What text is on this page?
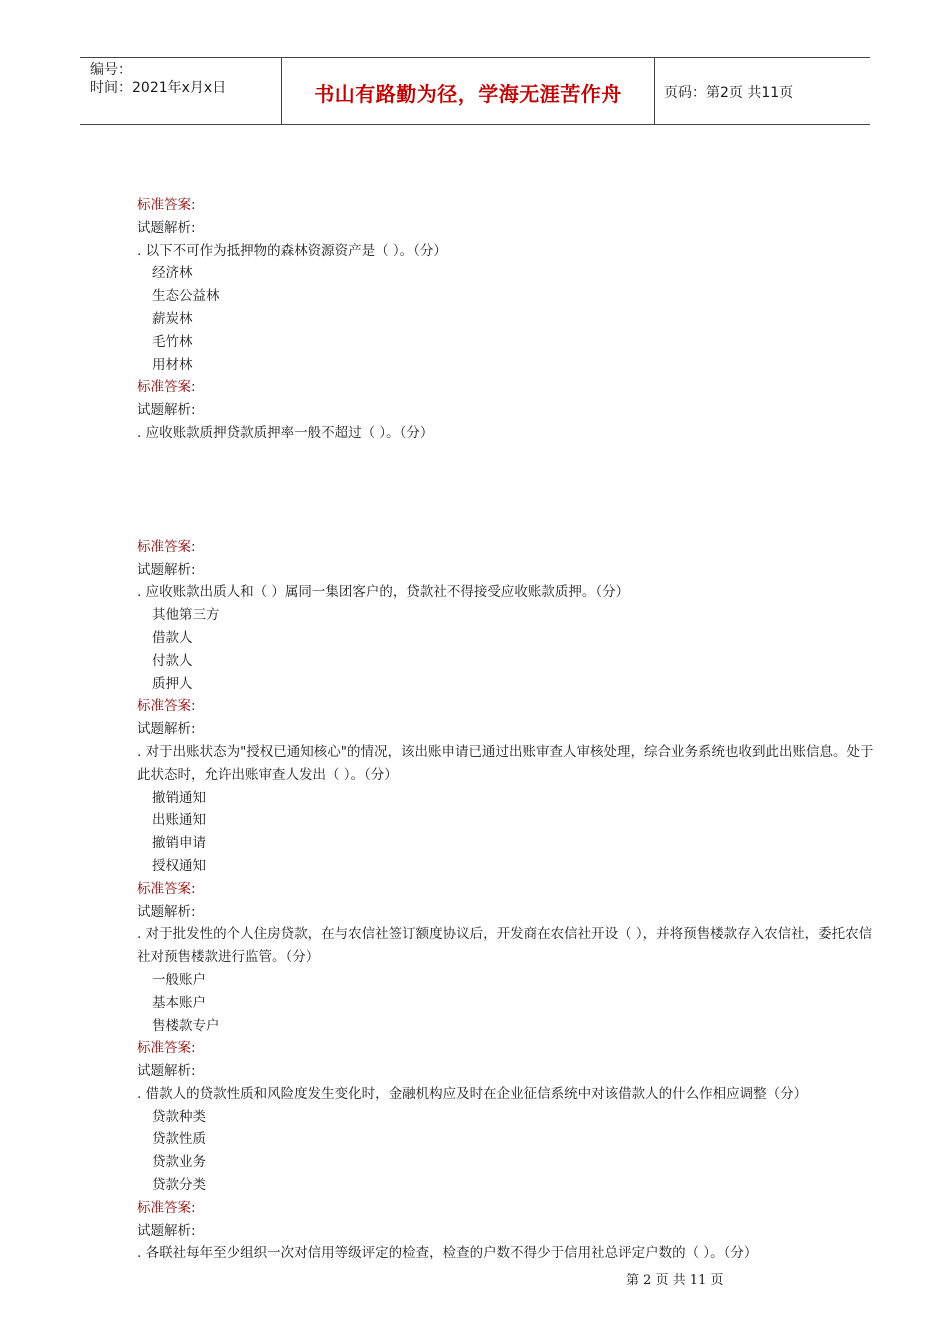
编号：
时间：2021年x月x日	书山有路勤为径，学海无涯苦作舟	页码：第2页 共11页
标准答案:
试题解析:
. 以下不可作为抵押物的森林资源资产是（ ）。（分）
经济林
生态公益林
薪炭林
毛竹林
用材林
标准答案:
试题解析:
. 应收账款质押贷款质押率一般不超过（ ）。（分）
标准答案:
试题解析:
. 应收账款出质人和（ ）属同一集团客户的，贷款社不得接受应收账款质押。（分）
其他第三方
借款人
付款人
质押人
标准答案:
试题解析:
. 对于出账状态为"授权已通知核心"的情况，该出账申请已通过出账审查人审核处理，综合业务系统也收到此出账信息。处于此状态时，允许出账审查人发出（ ）。（分）
撤销通知
出账通知
撤销申请
授权通知
标准答案:
试题解析:
. 对于批发性的个人住房贷款，在与农信社签订额度协议后，开发商在农信社开设（ ），并将预售楼款存入农信社，委托农信社对预售楼款进行监管。（分）
一般账户
基本账户
售楼款专户
标准答案:
试题解析:
. 借款人的贷款性质和风险度发生变化时，金融机构应及时在企业征信系统中对该借款人的什么作相应调整（分）
贷款种类
贷款性质
贷款业务
贷款分类
标准答案:
试题解析:
. 各联社每年至少组织一次对信用等级评定的检查，检查的户数不得少于信用社总评定户数的（ ）。（分）
第 2 页 共 11 页
